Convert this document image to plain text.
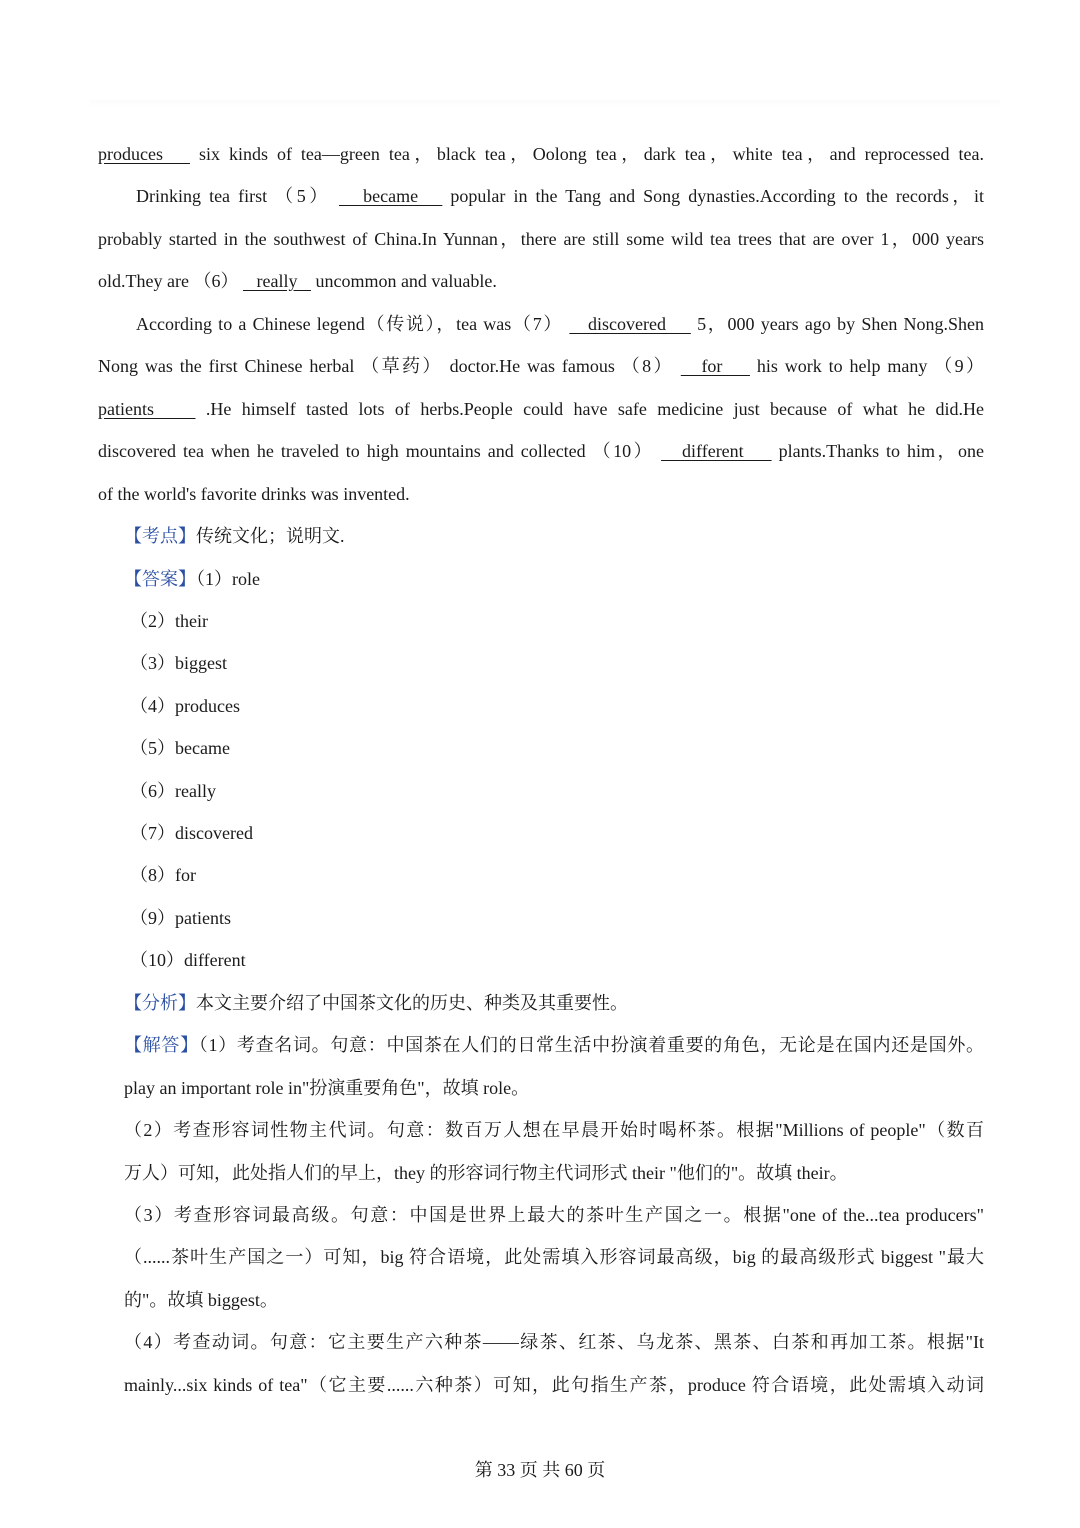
produces    six kinds of tea—green tea，black tea，Oolong tea，dark tea，white tea，and reprocessed tea.
Drinking tea first （5）    became    popular in the Tang and Song dynasties.According to the records，it
probably started in the southwest of China.In Yunnan，there are still some wild tea trees that are over 1，000 years
old.They are （6）    really    uncommon and valuable.
According to a Chinese legend（传说），tea was（7）    discovered     5，000 years ago by Shen Nong.Shen
Nong was the first Chinese herbal （草药） doctor.He was famous （8）    for     his work to help many （9）
patients     .He himself tasted lots of herbs.People could have safe medicine just because of what he did.He
discovered tea when he traveled to high mountains and collected （10）    different     plants.Thanks to him，one
of the world's favorite drinks was invented.
【考点】传统文化；说明文.
【答案】（1）role
（2）their
（3）biggest
（4）produces
（5）became
（6）really
（7）discovered
（8）for
（9）patients
（10）different
【分析】本文主要介绍了中国茶文化的历史、种类及其重要性。
【解答】（1）考查名词。句意：中国茶在人们的日常生活中扮演着重要的角色，无论是在国内还是国外。
play an important role in"扮演重要角色"，故填 role。
（2）考查形容词性物主代词。句意：数百万人想在早晨开始时喝杯茶。根据"Millions of people"（数百
万人）可知，此处指人们的早上，they 的形容词行物主代词形式 their "他们的"。故填 their。
（3）考查形容词最高级。句意：中国是世界上最大的茶叶生产国之一。根据"one of the...tea producers"
（......茶叶生产国之一）可知，big 符合语境，此处需填入形容词最高级，big 的最高级形式 biggest "最大
的"。故填 biggest。
（4）考查动词。句意：它主要生产六种茶——绿茶、红茶、乌龙茶、黑茶、白茶和再加工茶。根据"It
mainly...six kinds of tea"（它主要......六种茶）可知，此句指生产茶，produce 符合语境，此处需填入动词
第 33 页 共 60 页
